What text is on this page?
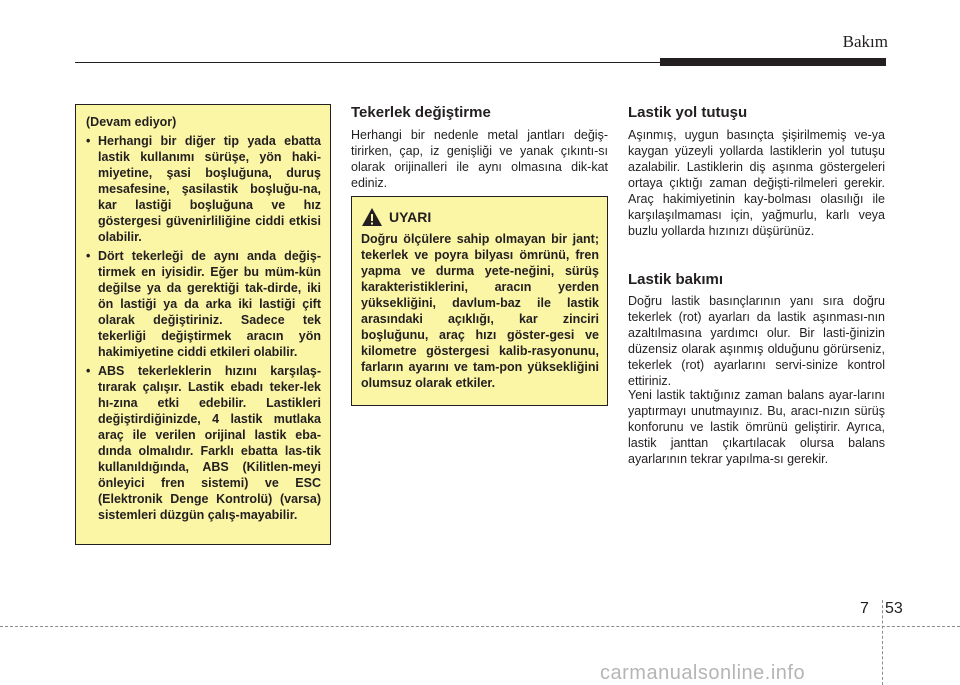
Bakım

(Devam ediyor)

• Herhangi bir diğer tip yada ebatta lastik kullanımı sürüşe, yön haki-miyetine, şasi boşluğuna, duruş mesafesine, şasilastik boşluğu-na, kar lastiği boşluğuna ve hız göstergesi güvenirliliğine ciddi etkisi olabilir.
• Dört tekerleği de aynı anda değiş-tirmek en iyisidir. Eğer bu müm-kün değilse ya da gerektiği tak-dirde, iki ön lastiği ya da arka iki lastiği çift olarak değiştiriniz. Sadece tek tekerliği değiştirmek aracın yön hakimiyetine ciddi etkileri olabilir.
• ABS tekerleklerin hızını karşılaş-tırarak çalışır. Lastik ebadı teker-lek hı-zına etki edebilir. Lastikleri değiştirdiğinizde, 4 lastik mutlaka araç ile verilen orijinal lastik eba-dında olmalıdır. Farklı ebatta las-tik kullanıldığında, ABS (Kilitlen-meyi önleyici fren sistemi) ve ESC (Elektronik Denge Kontrolü) (varsa) sistemleri düzgün çalış-mayabilir.
Tekerlek değiştirme

Herhangi bir nedenle metal jantları değiş-tirirken, çap, iz genişliği ve yanak çıkıntı-sı olarak orijinalleri ile aynı olmasına dik-kat ediniz.

UYARI

Doğru ölçülere sahip olmayan bir jant; tekerlek ve poyra bilyası ömrünü, fren yapma ve durma yete-neğini, sürüş karakteristiklerini, aracın yerden yüksekliğini, davlum-baz ile lastik arasındaki açıklığı, kar zinciri boşluğunu, araç hızı göster-gesi ve kilometre göstergesi kalib-rasyonunu, farların ayarını ve tam-pon yüksekliğini olumsuz olarak etkiler.

Lastik yol tutuşu

Aşınmış, uygun basınçta şişirilmemiş ve-ya kaygan yüzeyli yollarda lastiklerin yol tutuşu azalabilir. Lastiklerin diş aşınma göstergeleri ortaya çıktığı zaman değişti-rilmeleri gerekir. Araç hakimiyetinin kay-bolması olasılığı ile karşılaşılmaması için, yağmurlu, karlı veya buzlu yollarda hızınızı düşürünüz.

Lastik bakımı

Doğru lastik basınçlarının yanı sıra doğru tekerlek (rot) ayarları da lastik aşınması-nın azaltılmasına yardımcı olur. Bir lasti-ğinizin düzensiz olarak aşınmış olduğunu görürseniz, tekerlek (rot) ayarlarını servi-sinize kontrol ettiriniz.

Yeni lastik taktığınız zaman balans ayar-larını yaptırmayı unutmayınız. Bu, aracı-nızın sürüş konforunu ve lastik ömrünü geliştirir. Ayrıca, lastik janttan çıkartılacak olursa balans ayarlarının tekrar yapılma-sı gerekir.

7 53
carmanualsonline.info
